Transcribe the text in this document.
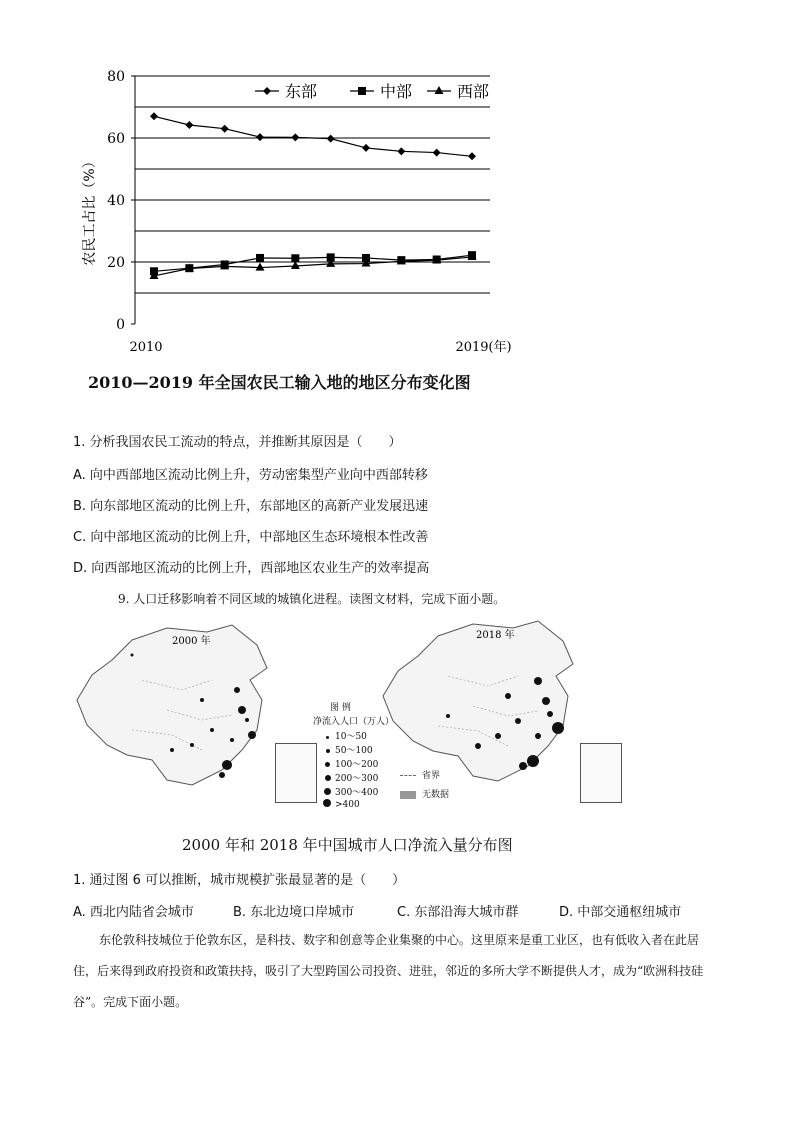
0
20
40
60
80
2010	2019 (年)
东部	中部	西部
农民工占比（%）
2010—2019 年全国农民工输入地的地区分布变化图
1. 分析我国农民工流动的特点，并推断其原因是（　　）
A. 向中西部地区流动比例上升，劳动密集型产业向中西部转移
B. 向东部地区流动的比例上升，东部地区的高新产业发展迅速
C. 向中部地区流动的比例上升，中部地区生态环境根本性改善
D. 向西部地区流动的比例上升，西部地区农业生产的效率提高
9. 人口迁移影响着不同区域的城镇化进程。读图文材料，完成下面小题。
2000 年
2018 年
图 例
净流入人口（万人）
10～50
50～100
100～200
200～300
300～400
>400
省界
无数据
2000 年和 2018 年中国城市人口净流入量分布图
1. 通过图 6 可以推断，城市规模扩张最显著的是（　　）
A. 西北内陆省会城市	B. 东北边境口岸城市	C. 东部沿海大城市群	D. 中部交通枢纽城市
东伦敦科技城位于伦敦东区，是科技、数字和创意等企业集聚的中心。这里原来是重工业区，也有低收入者在此居住，后来得到政府投资和政策扶持，吸引了大型跨国公司投资、进驻，邻近的多所大学不断提供人才，成为“欧洲科技硅谷”。完成下面小题。
